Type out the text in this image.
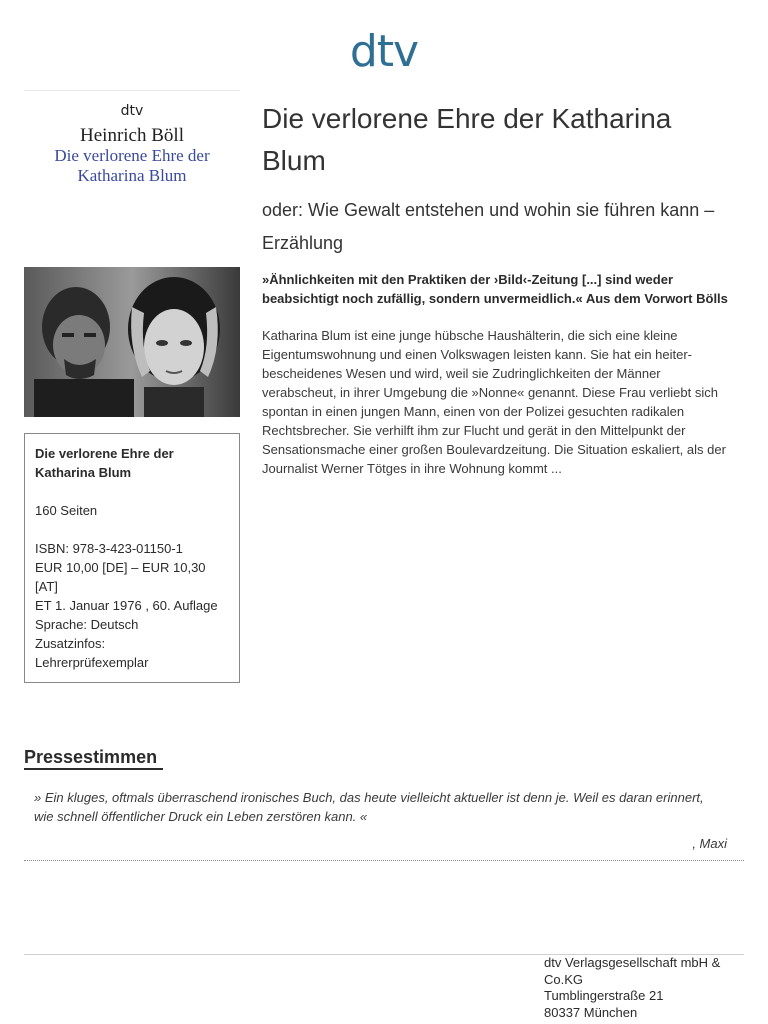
dtv
dtv
Heinrich Böll
Die verlorene Ehre der Katharina Blum
Die verlorene Ehre der Katharina Blum
160 Seiten
ISBN: 978-3-423-01150-1
EUR 10,00 [DE] – EUR 10,30 [AT]
ET 1. Januar 1976 , 60. Auflage
Sprache: Deutsch
Zusatzinfos:
Lehrerprüfexemplar
Die verlorene Ehre der Katharina Blum

oder: Wie Gewalt entstehen und wohin sie führen kann – Erzählung

»Ähnlichkeiten mit den Praktiken der ›Bild‹-Zeitung [...] sind weder beabsichtigt noch zufällig, sondern unvermeidlich.« Aus dem Vorwort Bölls

Katharina Blum ist eine junge hübsche Haushälterin, die sich eine kleine Eigentumswohnung und einen Volkswagen leisten kann. Sie hat ein heiter-bescheidenes Wesen und wird, weil sie Zudringlichkeiten der Männer verabscheut, in ihrer Umgebung die »Nonne« genannt. Diese Frau verliebt sich spontan in einen jungen Mann, einen von der Polizei gesuchten radikalen Rechtsbrecher. Sie verhilft ihm zur Flucht und gerät in den Mittelpunkt der Sensationsmache einer großen Boulevardzeitung. Die Situation eskaliert, als der Journalist Werner Tötges in ihre Wohnung kommt ...

Pressestimmen
» Ein kluges, oftmals überraschend ironisches Buch, das heute vielleicht aktueller ist denn je. Weil es daran erinnert, wie schnell öffentlicher Druck ein Leben zerstören kann. «
, Maxi
dtv Verlagsgesellschaft mbH & Co.KG
Tumblingerstraße 21
80337 München
